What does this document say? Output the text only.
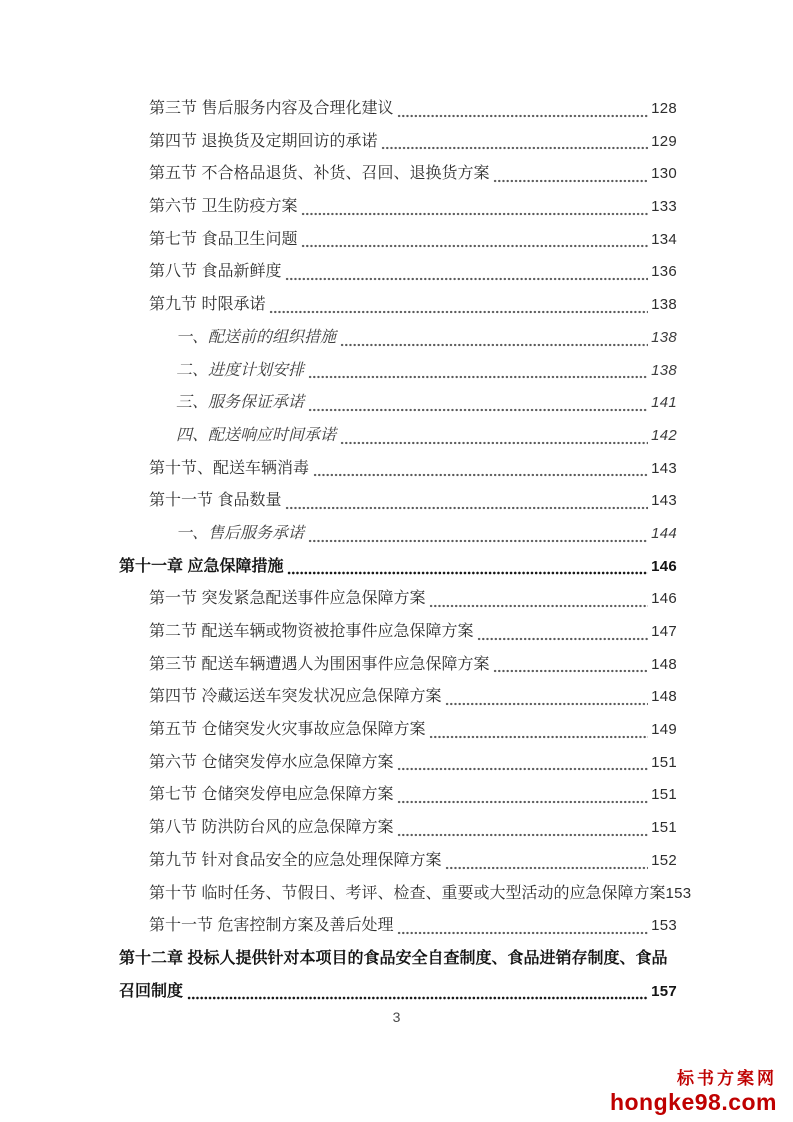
第三节 售后服务内容及合理化建议	128
第四节 退换货及定期回访的承诺	129
第五节 不合格品退货、补货、召回、退换货方案	130
第六节 卫生防疫方案	133
第七节 食品卫生问题	134
第八节 食品新鲜度	136
第九节 时限承诺	138
一、配送前的组织措施	138
二、进度计划安排	138
三、服务保证承诺	141
四、配送响应时间承诺	142
第十节、配送车辆消毒	143
第十一节 食品数量	143
一、售后服务承诺	144
第十一章 应急保障措施	146
第一节 突发紧急配送事件应急保障方案	146
第二节 配送车辆或物资被抢事件应急保障方案	147
第三节 配送车辆遭遇人为围困事件应急保障方案	148
第四节 冷藏运送车突发状况应急保障方案	148
第五节 仓储突发火灾事故应急保障方案	149
第六节 仓储突发停水应急保障方案	151
第七节 仓储突发停电应急保障方案	151
第八节 防洪防台风的应急保障方案	151
第九节 针对食品安全的应急处理保障方案	152
第十节 临时任务、节假日、考评、检查、重要或大型活动的应急保障方案 153
第十一节 危害控制方案及善后处理	153
第十二章 投标人提供针对本项目的食品安全自查制度、食品进销存制度、食品
召回制度	157
3
标书方案网
hongke98.com
